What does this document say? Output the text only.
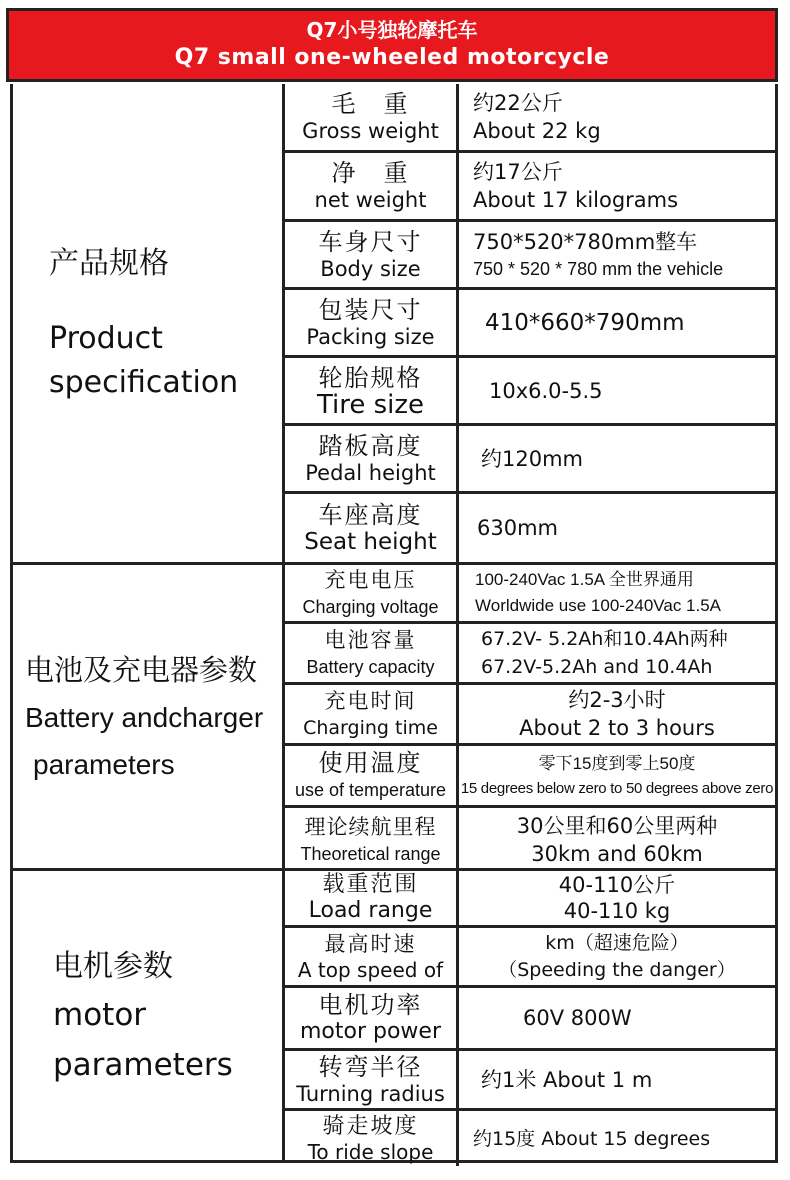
Q7小号独轮摩托车
Q7 small one-wheeled motorcycle
产品规格
Product
specification
毛　重
Gross weight
约22公斤
About 22 kg
净　重
net weight
约17公斤
About 17 kilograms
车身尺寸
Body size
750*520*780mm整车
750 * 520 * 780 mm the vehicle
包装尺寸
Packing size
410*660*790mm
轮胎规格
Tire size	10x6.0-5.5
踏板高度
Pedal height
约120mm
车座高度
Seat height
630mm
电池及充电器参数
Battery andcharger
parameters
充电电压
Charging voltage
100-240Vac 1.5A 全世界通用
Worldwide use 100-240Vac 1.5A
电池容量
Battery capacity
67.2V- 5.2Ah和10.4Ah两种
67.2V-5.2Ah and 10.4Ah
充电时间
Charging time
约2-3小时
About 2 to 3 hours
使用温度
use of temperature
零下15度到零上50度
15 degrees below zero to 50 degrees above zero
理论续航里程
Theoretical range
30公里和60公里两种
30km and 60km
电机参数
motor
parameters
载重范围
Load range
40-110公斤
40-110 kg
最高时速
A top speed of
km（超速危险）
（Speeding the danger）
电机功率
motor power
60V 800W
转弯半径
Turning radius
约1米 About 1 m
骑走坡度
To ride slope
约15度 About 15 degrees
